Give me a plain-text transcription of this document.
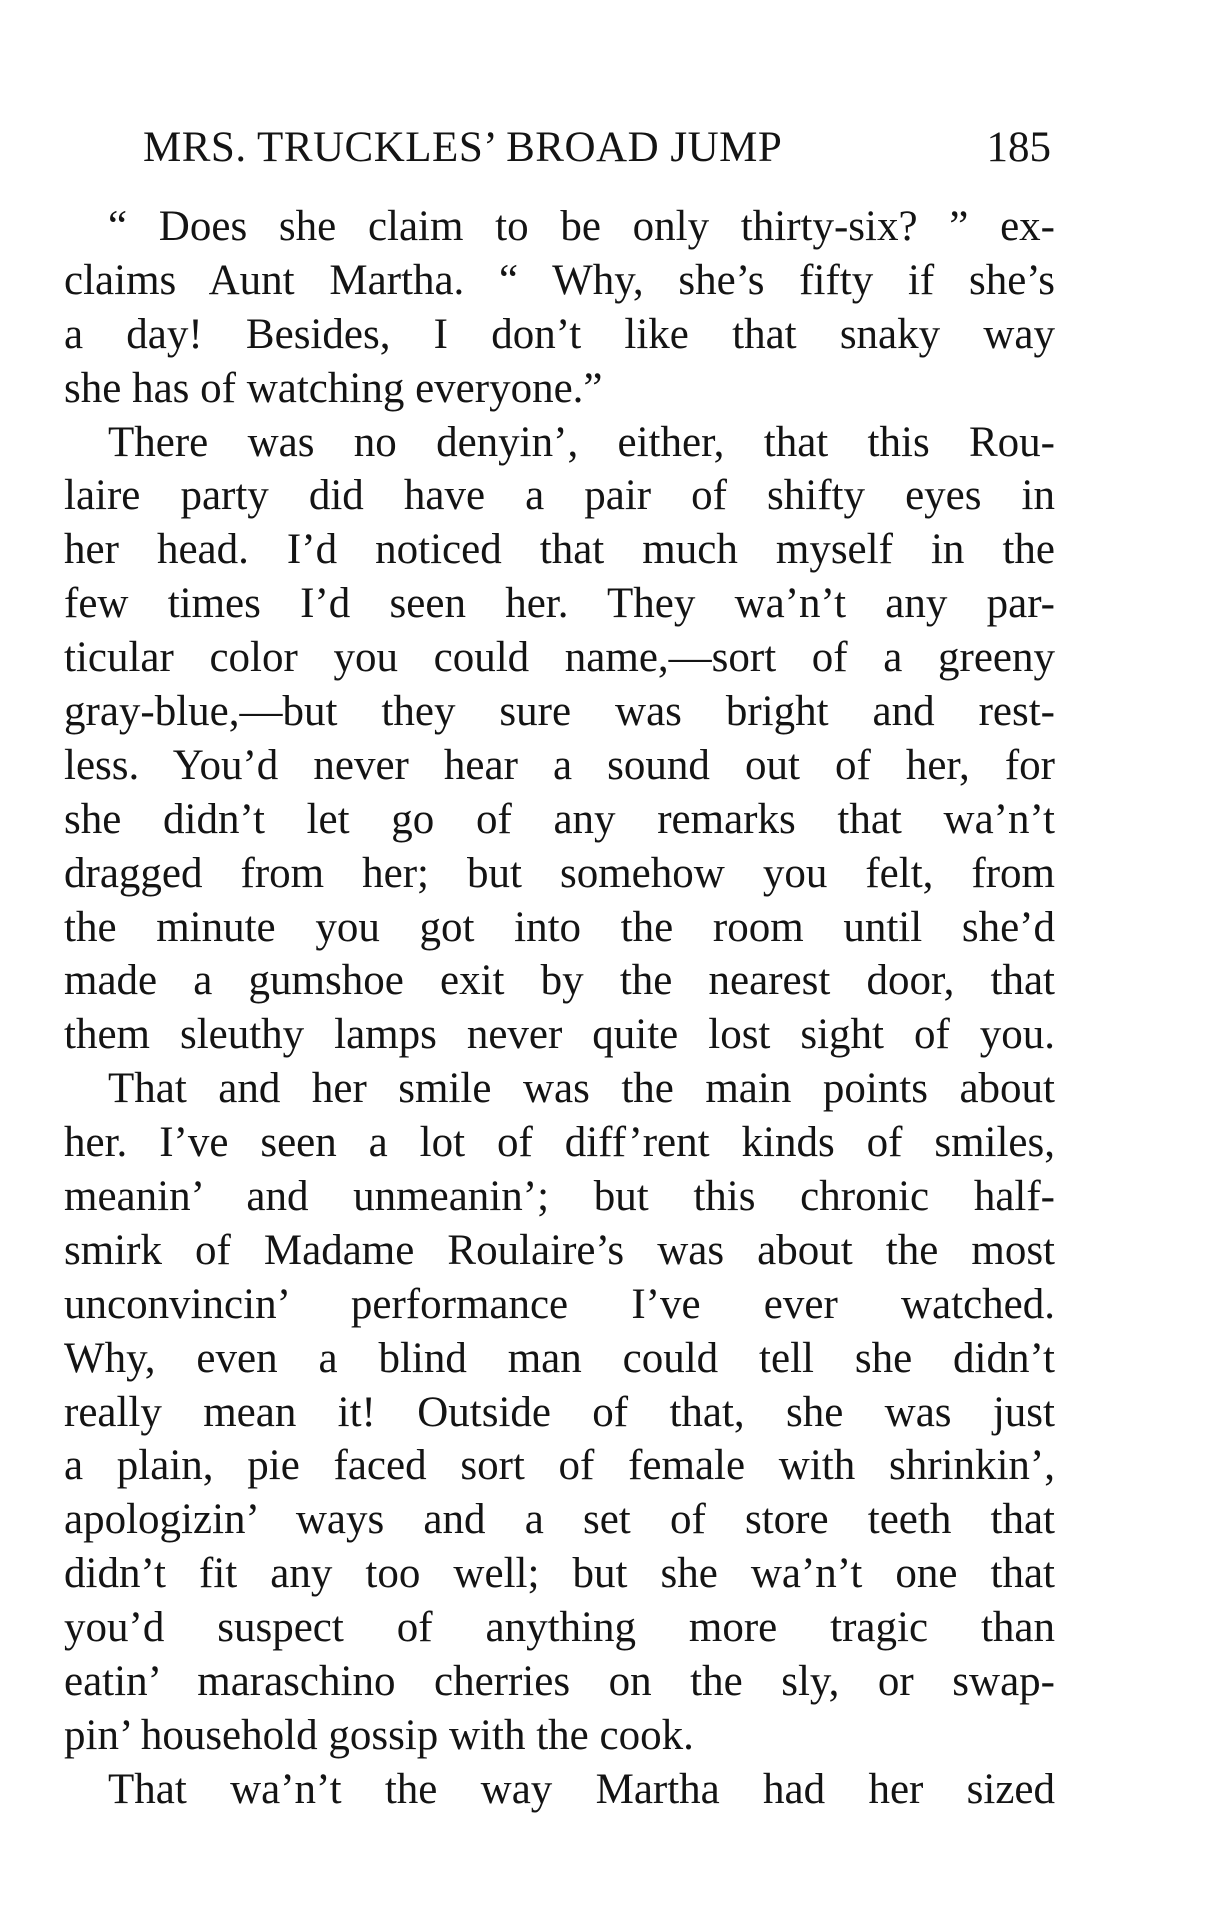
MRS. TRUCKLES’ BROAD JUMP	185
“ Does she claim to be only thirty-six? ” ex-
claims Aunt Martha. “ Why, she’s fifty if she’s
a day! Besides, I don’t like that snaky way
she has of watching everyone.”
There was no denyin’, either, that this Rou-
laire party did have a pair of shifty eyes in
her head. I’d noticed that much myself in the
few times I’d seen her. They wa’n’t any par-
ticular color you could name,—sort of a greeny
gray-blue,—but they sure was bright and rest-
less. You’d never hear a sound out of her, for
she didn’t let go of any remarks that wa’n’t
dragged from her; but somehow you felt, from
the minute you got into the room until she’d
made a gumshoe exit by the nearest door, that
them sleuthy lamps never quite lost sight of you.
That and her smile was the main points about
her. I’ve seen a lot of diff’rent kinds of smiles,
meanin’ and unmeanin’; but this chronic half-
smirk of Madame Roulaire’s was about the most
unconvincin’ performance I’ve ever watched.
Why, even a blind man could tell she didn’t
really mean it! Outside of that, she was just
a plain, pie faced sort of female with shrinkin’,
apologizin’ ways and a set of store teeth that
didn’t fit any too well; but she wa’n’t one that
you’d suspect of anything more tragic than
eatin’ maraschino cherries on the sly, or swap-
pin’ household gossip with the cook.
That wa’n’t the way Martha had her sized
